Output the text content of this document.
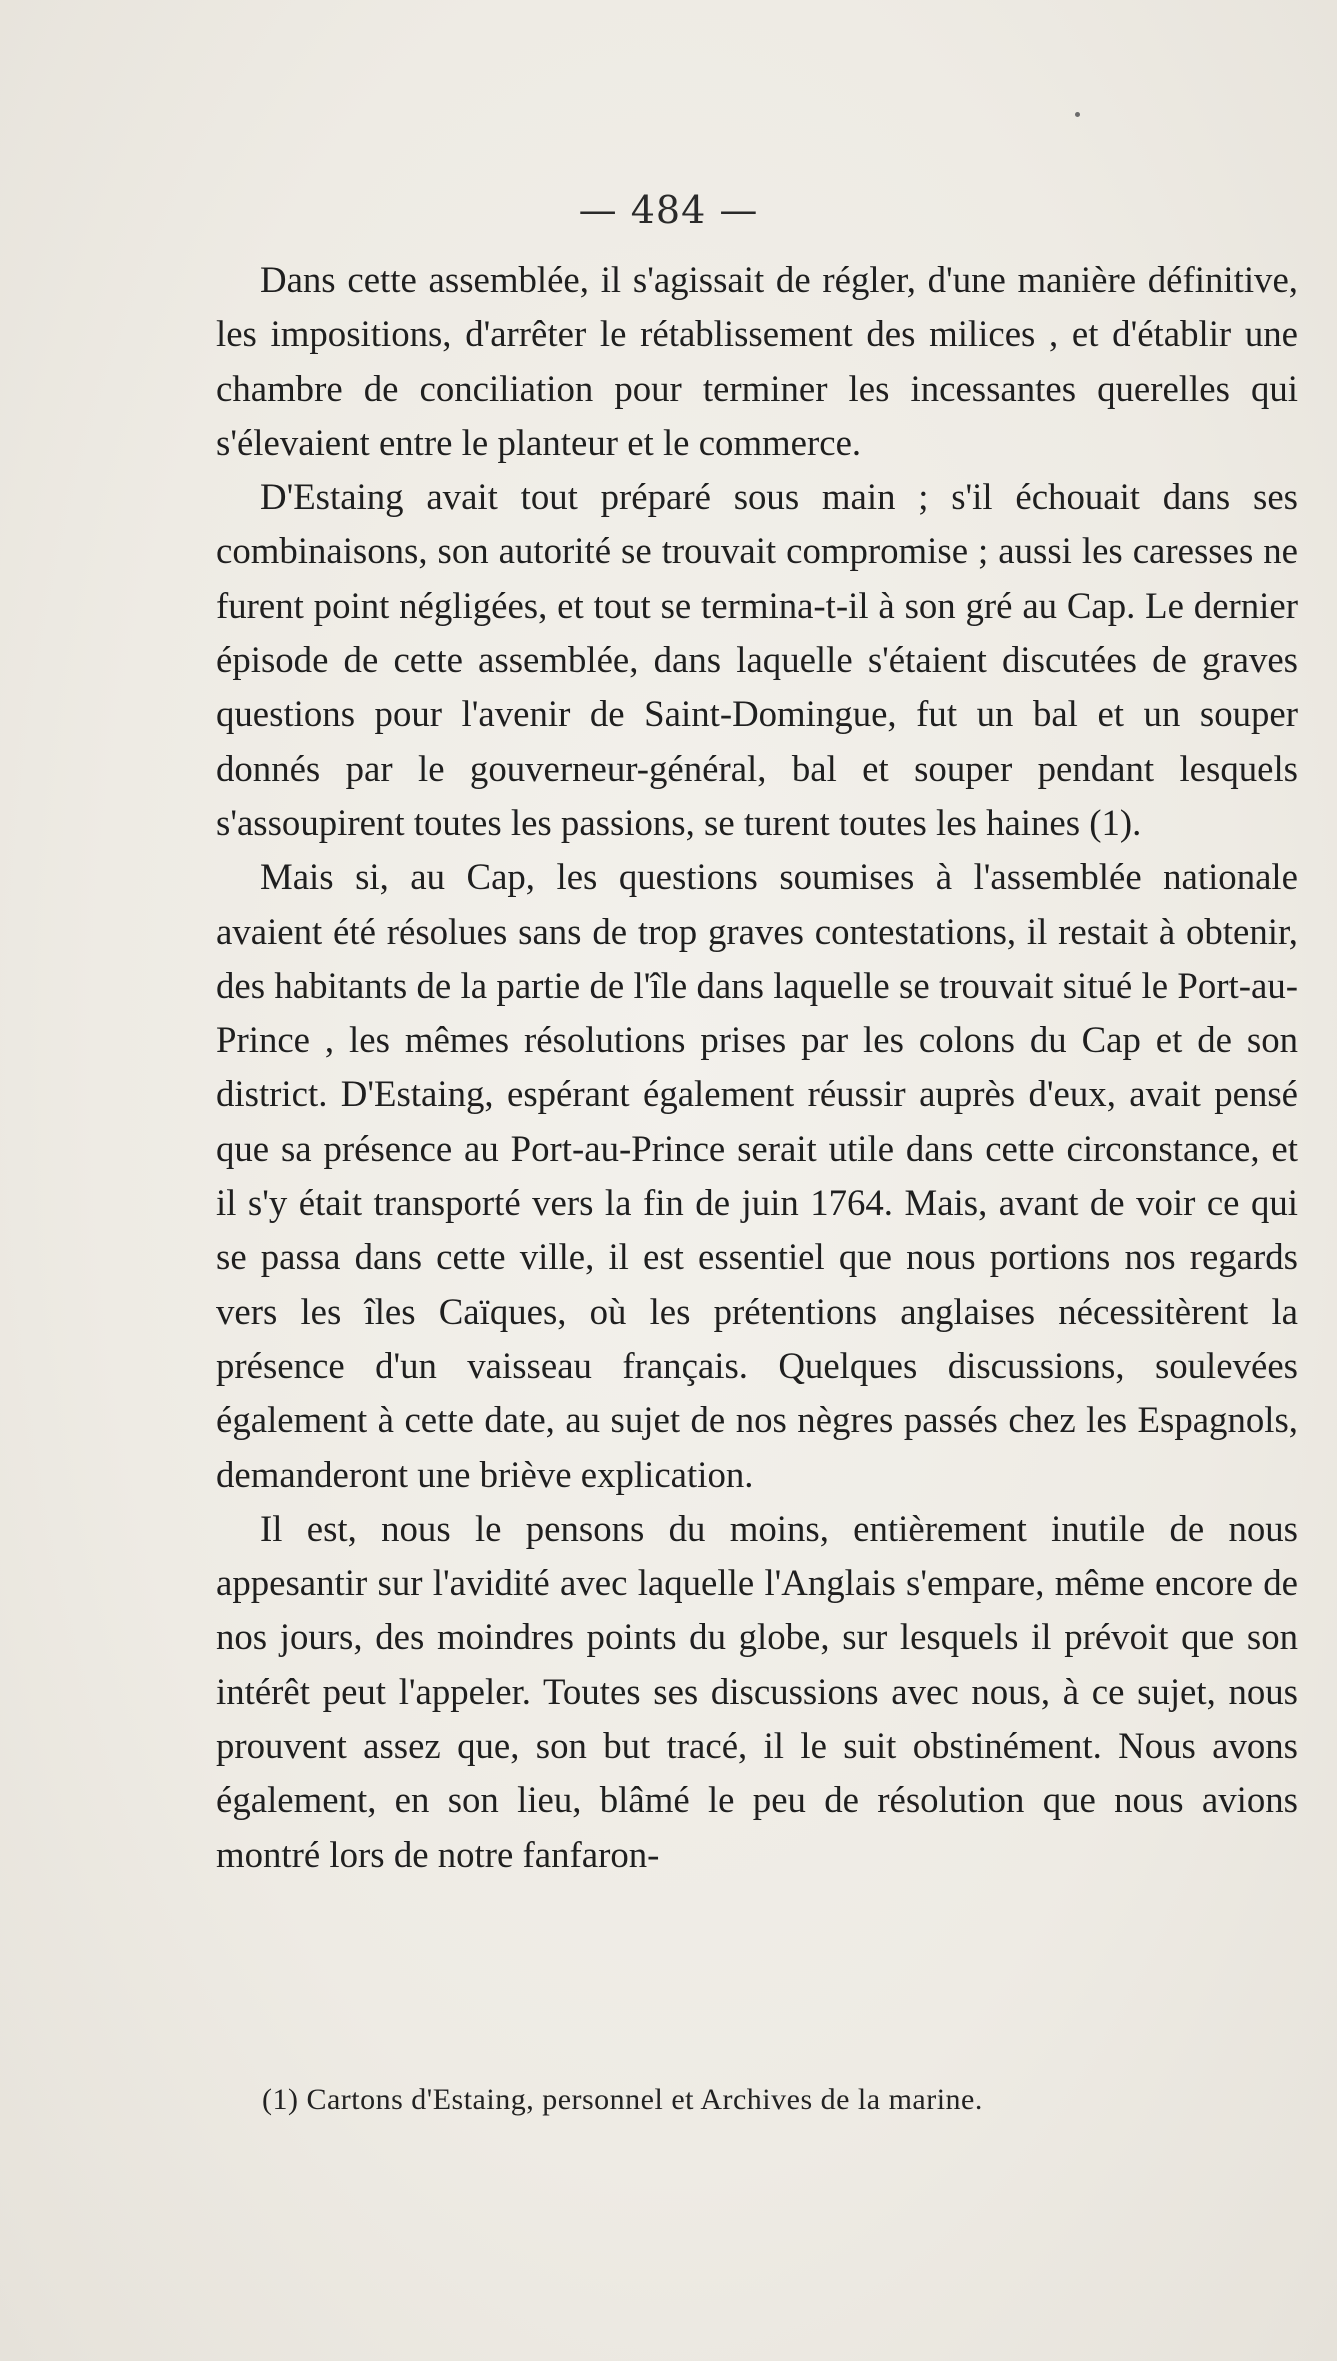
— 484 —

Dans cette assemblée, il s'agissait de régler, d'une manière définitive, les impositions, d'arrêter le rétablissement des milices , et d'établir une chambre de conciliation pour terminer les incessantes querelles qui s'élevaient entre le planteur et le commerce.

D'Estaing avait tout préparé sous main ; s'il échouait dans ses combinaisons, son autorité se trouvait compromise ; aussi les caresses ne furent point négligées, et tout se termina-t-il à son gré au Cap. Le dernier épisode de cette assemblée, dans laquelle s'étaient discutées de graves questions pour l'avenir de Saint-Domingue, fut un bal et un souper donnés par le gouverneur-général, bal et souper pendant lesquels s'assoupirent toutes les passions, se turent toutes les haines (1).

Mais si, au Cap, les questions soumises à l'assemblée nationale avaient été résolues sans de trop graves contestations, il restait à obtenir, des habitants de la partie de l'île dans laquelle se trouvait situé le Port-au-Prince , les mêmes résolutions prises par les colons du Cap et de son district. D'Estaing, espérant également réussir auprès d'eux, avait pensé que sa présence au Port-au-Prince serait utile dans cette circonstance, et il s'y était transporté vers la fin de juin 1764. Mais, avant de voir ce qui se passa dans cette ville, il est essentiel que nous portions nos regards vers les îles Caïques, où les prétentions anglaises nécessitèrent la présence d'un vaisseau français. Quelques discussions, soulevées également à cette date, au sujet de nos nègres passés chez les Espagnols, demanderont une briève explication.

Il est, nous le pensons du moins, entièrement inutile de nous appesantir sur l'avidité avec laquelle l'Anglais s'empare, même encore de nos jours, des moindres points du globe, sur lesquels il prévoit que son intérêt peut l'appeler. Toutes ses discussions avec nous, à ce sujet, nous prouvent assez que, son but tracé, il le suit obstinément. Nous avons également, en son lieu, blâmé le peu de résolution que nous avions montré lors de notre fanfaron-

(1) Cartons d'Estaing, personnel et Archives de la marine.
